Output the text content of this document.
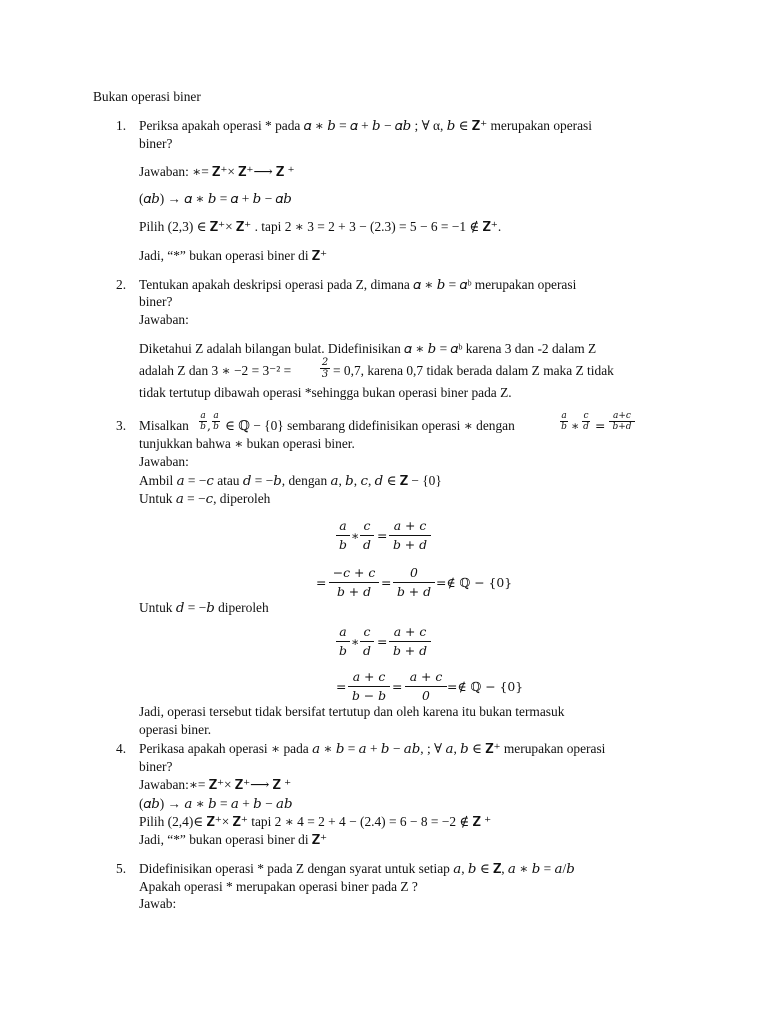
Bukan operasi biner
1. Periksa apakah operasi * pada 𝛼 ∗ 𝑏 = 𝛼 + 𝑏 − 𝛼𝑏 ; ∀ α, 𝑏 ∈ 𝐙⁺ merupakan operasi
biner?
Jawaban: ∗= 𝐙⁺× 𝐙⁺⟶ 𝐙 ⁺
(𝛼𝑏) → 𝛼 ∗ 𝑏 = 𝛼 + 𝑏 − 𝛼𝑏
Pilih (2,3) ∈ 𝐙⁺× 𝐙⁺ . tapi 2 ∗ 3 = 2 + 3 − (2.3) = 5 − 6 = −1 ∉ 𝐙⁺.
Jadi, “*” bukan operasi biner di 𝐙⁺
2. Tentukan apakah deskripsi operasi pada Z, dimana 𝛼 ∗ 𝑏 = 𝛼ᵇ merupakan operasi
biner?
Jawaban:
Diketahui Z adalah bilangan bulat. Didefinisikan 𝛼 ∗ 𝑏 = 𝛼ᵇ karena 3 dan -2 dalam Z
adalah Z dan 3 ∗ −2 = 3⁻² =
2
3 = 0,7, karena 0,7 tidak berada dalam Z maka Z tidak
tidak tertutup dibawah operasi *sehingga bukan operasi biner pada Z.
3. Misalkan
a
b ,
a
b ∈ ℚ − {0} sembarang didefinisikan operasi ∗ dengan
a
b ∗
c
d =
a+c
b+d
tunjukkan bahwa ∗ bukan operasi biner.
Jawaban:
Ambil 𝑎 = −𝑐 atau 𝑑 = −𝑏, dengan 𝑎, 𝑏, 𝑐, 𝑑 ∈ 𝐙 − {0}
Untuk 𝑎 = −𝑐, diperoleh
a
b
∗
c
d
=
a + c
b + d
=
−c + c
b + d
=
0
b + d
=∉ ℚ − {0}
Untuk 𝑑 = −𝑏 diperoleh
a
b
∗
c
d
=
a + c
b + d
=
a + c
b − b
=
a + c
0
=∉ ℚ − {0}
Jadi, operasi tersebut tidak bersifat tertutup dan oleh karena itu bukan termasuk
operasi biner.
4. Perikasa apakah operasi ∗ pada 𝑎 ∗ 𝑏 = 𝑎 + 𝑏 − 𝑎𝑏, ; ∀ 𝑎, 𝑏 ∈ 𝐙⁺ merupakan operasi
biner?
Jawaban:∗= 𝐙⁺× 𝐙⁺⟶ 𝐙 ⁺
(𝛼𝑏) → 𝑎 ∗ 𝑏 = 𝑎 + 𝑏 − 𝑎𝑏
Pilih (2,4)∈ 𝐙⁺× 𝐙⁺ tapi 2 ∗ 4 = 2 + 4 − (2.4) = 6 − 8 = −2 ∉ 𝐙 ⁺
Jadi, “*” bukan operasi biner di 𝐙⁺
5. Didefinisikan operasi * pada Z dengan syarat untuk setiap 𝑎, 𝑏 ∈ 𝐙, 𝑎 ∗ 𝑏 = 𝑎/𝑏
Apakah operasi * merupakan operasi biner pada Z ?
Jawab:
